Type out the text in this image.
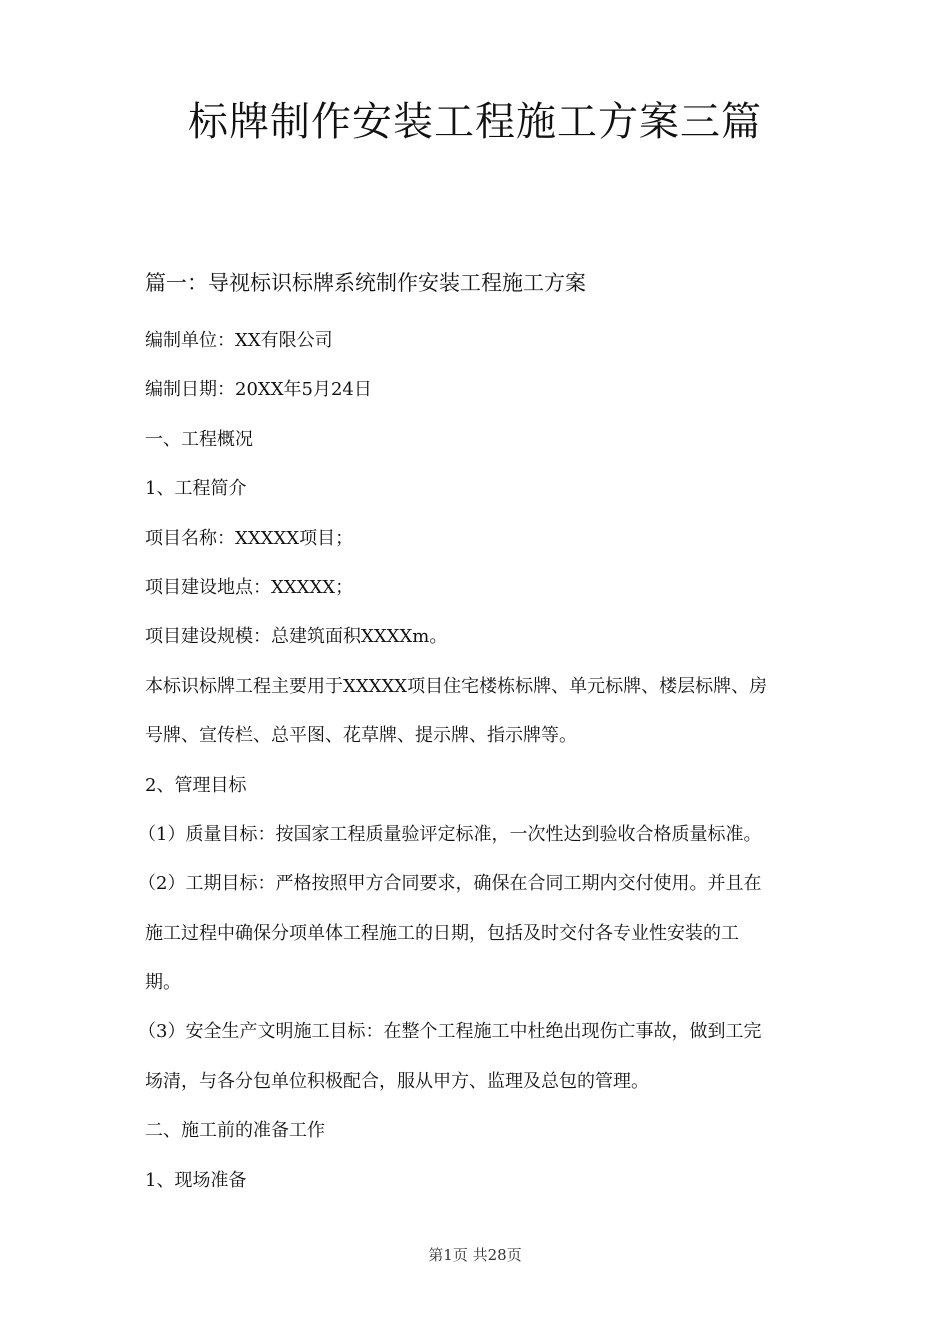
标牌制作安装工程施工方案三篇
篇一：导视标识标牌系统制作安装工程施工方案
编制单位：XX有限公司
编制日期：20XX年5月24日
一、工程概况
1、工程简介
项目名称：XXXXX项目；
项目建设地点：XXXXX；
项目建设规模：总建筑面积XXXXm。
本标识标牌工程主要用于XXXXX项目住宅楼栋标牌、单元标牌、楼层标牌、房
号牌、宣传栏、总平图、花草牌、提示牌、指示牌等。
2、管理目标
（1）质量目标：按国家工程质量验评定标准，一次性达到验收合格质量标准。
（2）工期目标：严格按照甲方合同要求，确保在合同工期内交付使用。并且在
施工过程中确保分项单体工程施工的日期，包括及时交付各专业性安装的工
期。
（3）安全生产文明施工目标：在整个工程施工中杜绝出现伤亡事故，做到工完
场清，与各分包单位积极配合，服从甲方、监理及总包的管理。
二、施工前的准备工作
1、现场准备
第1页 共28页
